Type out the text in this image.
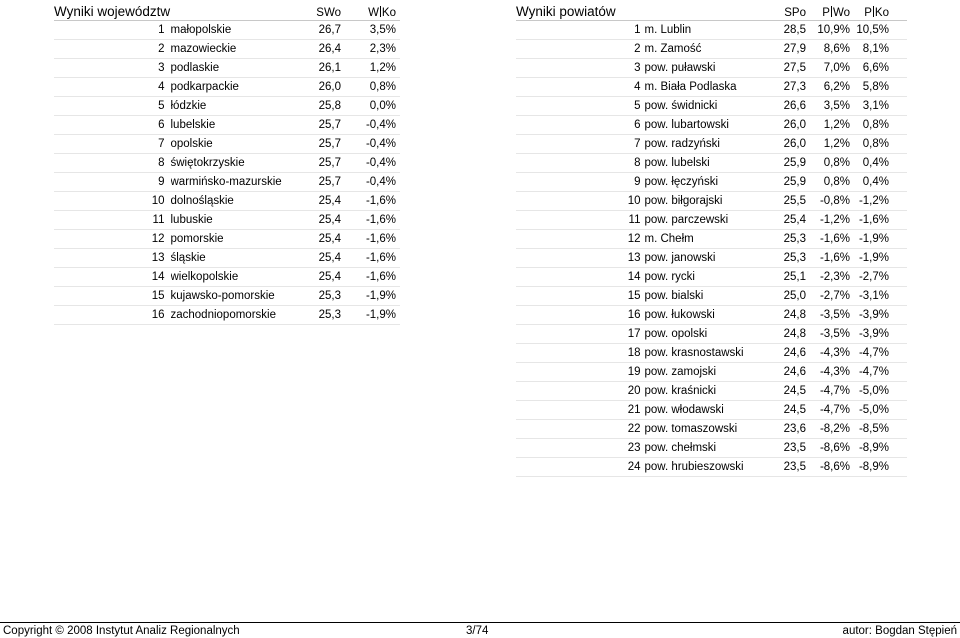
Wyniki województw		SWo	W Ko

1	małopolskie	26,7	3,5%
2	mazowieckie	26,4	2,3%
3	podlaskie	26,1	1,2%
4	podkarpackie	26,0	0,8%
5	łódzkie	25,8	0,0%
6	lubelskie	25,7	-0,4%
7	opolskie	25,7	-0,4%
8	świętokrzyskie	25,7	-0,4%
9	warmińsko-mazurskie	25,7	-0,4%
10	dolnośląskie	25,4	-1,6%
11	lubuskie	25,4	-1,6%
12	pomorskie	25,4	-1,6%
13	śląskie	25,4	-1,6%
14	wielkopolskie	25,4	-1,6%
15	kujawsko-pomorskie	25,3	-1,9%
16	zachodniopomorskie	25,3	-1,9%
Wyniki powiatów		SPo	P Wo	P Ko

1	m. Lublin	28,5	10,9%	10,5%
2	m. Zamość	27,9	8,6%	8,1%
3	pow. puławski	27,5	7,0%	6,6%
4	m. Biała Podlaska	27,3	6,2%	5,8%
5	pow. świdnicki	26,6	3,5%	3,1%
6	pow. lubartowski	26,0	1,2%	0,8%
7	pow. radzyński	26,0	1,2%	0,8%
8	pow. lubelski	25,9	0,8%	0,4%
9	pow. łęczyński	25,9	0,8%	0,4%
10	pow. biłgorajski	25,5	-0,8%	-1,2%
11	pow. parczewski	25,4	-1,2%	-1,6%
12	m. Chełm	25,3	-1,6%	-1,9%
13	pow. janowski	25,3	-1,6%	-1,9%
14	pow. rycki	25,1	-2,3%	-2,7%
15	pow. bialski	25,0	-2,7%	-3,1%
16	pow. łukowski	24,8	-3,5%	-3,9%
17	pow. opolski	24,8	-3,5%	-3,9%
18	pow. krasnostawski	24,6	-4,3%	-4,7%
19	pow. zamojski	24,6	-4,3%	-4,7%
20	pow. kraśnicki	24,5	-4,7%	-5,0%
21	pow. włodawski	24,5	-4,7%	-5,0%
22	pow. tomaszowski	23,6	-8,2%	-8,5%
23	pow. chełmski	23,5	-8,6%	-8,9%
24	pow. hrubieszowski	23,5	-8,6%	-8,9%
Copyright © 2008 Instytut Analiz Regionalnych	3/74	autor: Bogdan Stępień
